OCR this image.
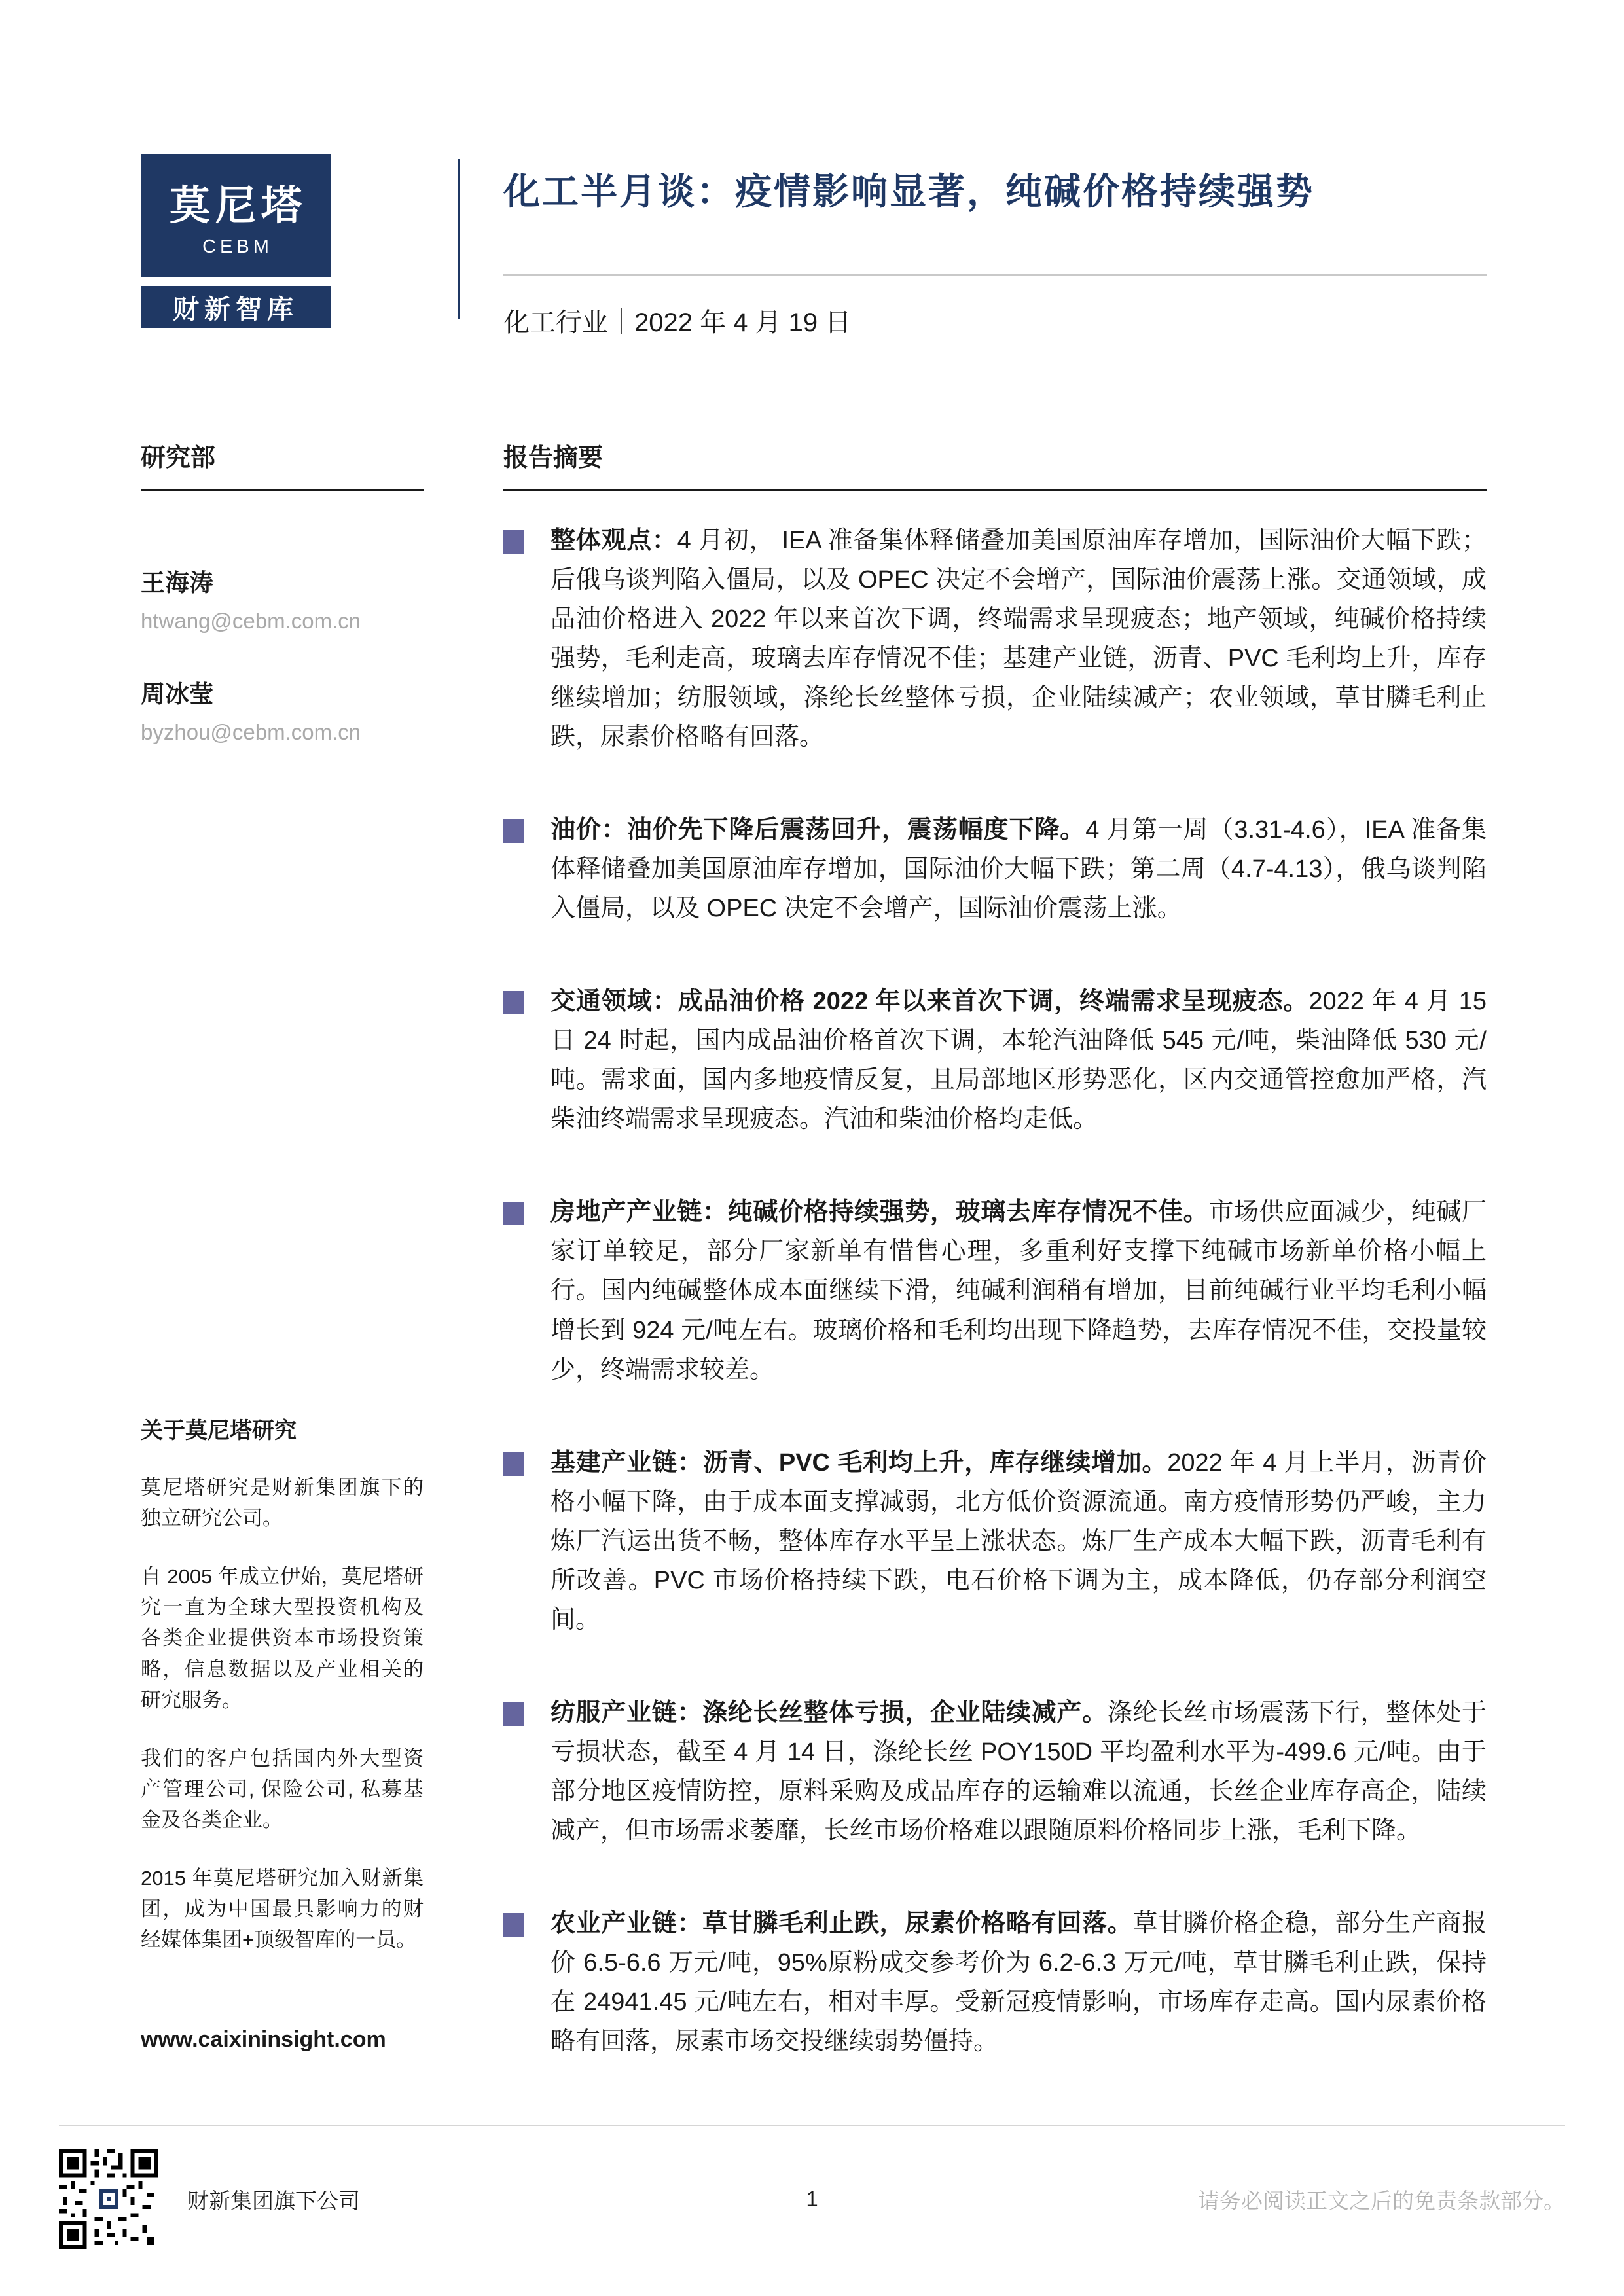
莫尼塔
CEBM
财新智库
化工半月谈：疫情影响显著，纯碱价格持续强势
化工行业｜2022 年 4 月 19 日
研究部
王海涛
htwang@cebm.com.cn
周冰莹
byzhou@cebm.com.cn
关于莫尼塔研究
莫尼塔研究是财新集团旗下的独立研究公司。
自 2005 年成立伊始，莫尼塔研究一直为全球大型投资机构及各类企业提供资本市场投资策略，信息数据以及产业相关的研究服务。
我们的客户包括国内外大型资产管理公司, 保险公司, 私募基金及各类企业。
2015 年莫尼塔研究加入财新集团，成为中国最具影响力的财经媒体集团+顶级智库的一员。
www.caixininsight.com
报告摘要

整体观点：4 月初， IEA 准备集体释储叠加美国原油库存增加，国际油价大幅下跌；后俄乌谈判陷入僵局，以及 OPEC 决定不会增产，国际油价震荡上涨。交通领域，成品油价格进入 2022 年以来首次下调，终端需求呈现疲态；地产领域，纯碱价格持续强势，毛利走高，玻璃去库存情况不佳；基建产业链，沥青、PVC 毛利均上升，库存继续增加；纺服领域，涤纶长丝整体亏损，企业陆续减产；农业领域，草甘膦毛利止跌，尿素价格略有回落。

油价：油价先下降后震荡回升，震荡幅度下降。4 月第一周（3.31-4.6），IEA 准备集体释储叠加美国原油库存增加，国际油价大幅下跌；第二周（4.7-4.13），俄乌谈判陷入僵局，以及 OPEC 决定不会增产，国际油价震荡上涨。

交通领域：成品油价格 2022 年以来首次下调，终端需求呈现疲态。2022 年 4 月 15 日 24 时起，国内成品油价格首次下调，本轮汽油降低 545 元/吨，柴油降低 530 元/吨。需求面，国内多地疫情反复，且局部地区形势恶化，区内交通管控愈加严格，汽柴油终端需求呈现疲态。汽油和柴油价格均走低。

房地产产业链：纯碱价格持续强势，玻璃去库存情况不佳。市场供应面减少，纯碱厂家订单较足，部分厂家新单有惜售心理，多重利好支撑下纯碱市场新单价格小幅上行。国内纯碱整体成本面继续下滑，纯碱利润稍有增加，目前纯碱行业平均毛利小幅增长到 924 元/吨左右。玻璃价格和毛利均出现下降趋势，去库存情况不佳，交投量较少，终端需求较差。

基建产业链：沥青、PVC 毛利均上升，库存继续增加。2022 年 4 月上半月，沥青价格小幅下降，由于成本面支撑减弱，北方低价资源流通。南方疫情形势仍严峻，主力炼厂汽运出货不畅，整体库存水平呈上涨状态。炼厂生产成本大幅下跌，沥青毛利有所改善。PVC 市场价格持续下跌，电石价格下调为主，成本降低，仍存部分利润空间。

纺服产业链：涤纶长丝整体亏损，企业陆续减产。涤纶长丝市场震荡下行，整体处于亏损状态，截至 4 月 14 日，涤纶长丝 POY150D 平均盈利水平为-499.6 元/吨。由于部分地区疫情防控，原料采购及成品库存的运输难以流通，长丝企业库存高企，陆续减产，但市场需求萎靡，长丝市场价格难以跟随原料价格同步上涨，毛利下降。

农业产业链：草甘膦毛利止跌，尿素价格略有回落。草甘膦价格企稳，部分生产商报价 6.5-6.6 万元/吨，95%原粉成交参考价为 6.2-6.3 万元/吨，草甘膦毛利止跌，保持在 24941.45 元/吨左右，相对丰厚。受新冠疫情影响，市场库存走高。国内尿素价格略有回落，尿素市场交投继续弱势僵持。

财新集团旗下公司	1	请务必阅读正文之后的免责条款部分。
